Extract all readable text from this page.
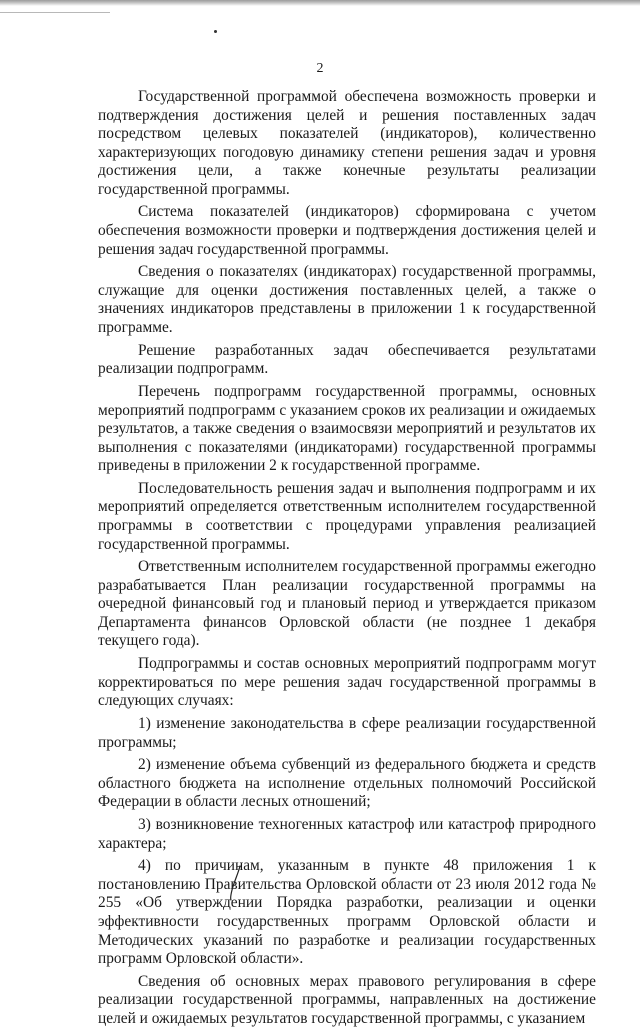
2

Государственной программой обеспечена возможность проверки и подтверждения достижения целей и решения поставленных задач посредством целевых показателей (индикаторов), количественно характеризующих погодовую динамику степени решения задач и уровня достижения цели, а также конечные результаты реализации государственной программы.

Система показателей (индикаторов) сформирована с учетом обеспечения возможности проверки и подтверждения достижения целей и решения задач государственной программы.

Сведения о показателях (индикаторах) государственной программы, служащие для оценки достижения поставленных целей, а также о значениях индикаторов представлены в приложении 1 к государственной программе.

Решение разработанных задач обеспечивается результатами реализации подпрограмм.

Перечень подпрограмм государственной программы, основных мероприятий подпрограмм с указанием сроков их реализации и ожидаемых результатов, а также сведения о взаимосвязи мероприятий и результатов их выполнения с показателями (индикаторами) государственной программы приведены в приложении 2 к государственной программе.

Последовательность решения задач и выполнения подпрограмм и их мероприятий определяется ответственным исполнителем государственной программы в соответствии с процедурами управления реализацией государственной программы.

Ответственным исполнителем государственной программы ежегодно разрабатывается План реализации государственной программы на очередной финансовый год и плановый период и утверждается приказом Департамента финансов Орловской области (не позднее 1 декабря текущего года).

Подпрограммы и состав основных мероприятий подпрограмм могут корректироваться по мере решения задач государственной программы в следующих случаях:

1) изменение законодательства в сфере реализации государственной программы;

2) изменение объема субвенций из федерального бюджета и средств областного бюджета на исполнение отдельных полномочий Российской Федерации в области лесных отношений;

3) возникновение техногенных катастроф или катастроф природного характера;

4) по причинам, указанным в пункте 48 приложения 1 к постановлению Правительства Орловской области от 23 июля 2012 года № 255 «Об утверждении Порядка разработки, реализации и оценки эффективности государственных программ Орловской области и Методических указаний по разработке и реализации государственных программ Орловской области».

Сведения об основных мерах правового регулирования в сфере реализации государственной программы, направленных на достижение целей и ожидаемых результатов государственной программы, с указанием
